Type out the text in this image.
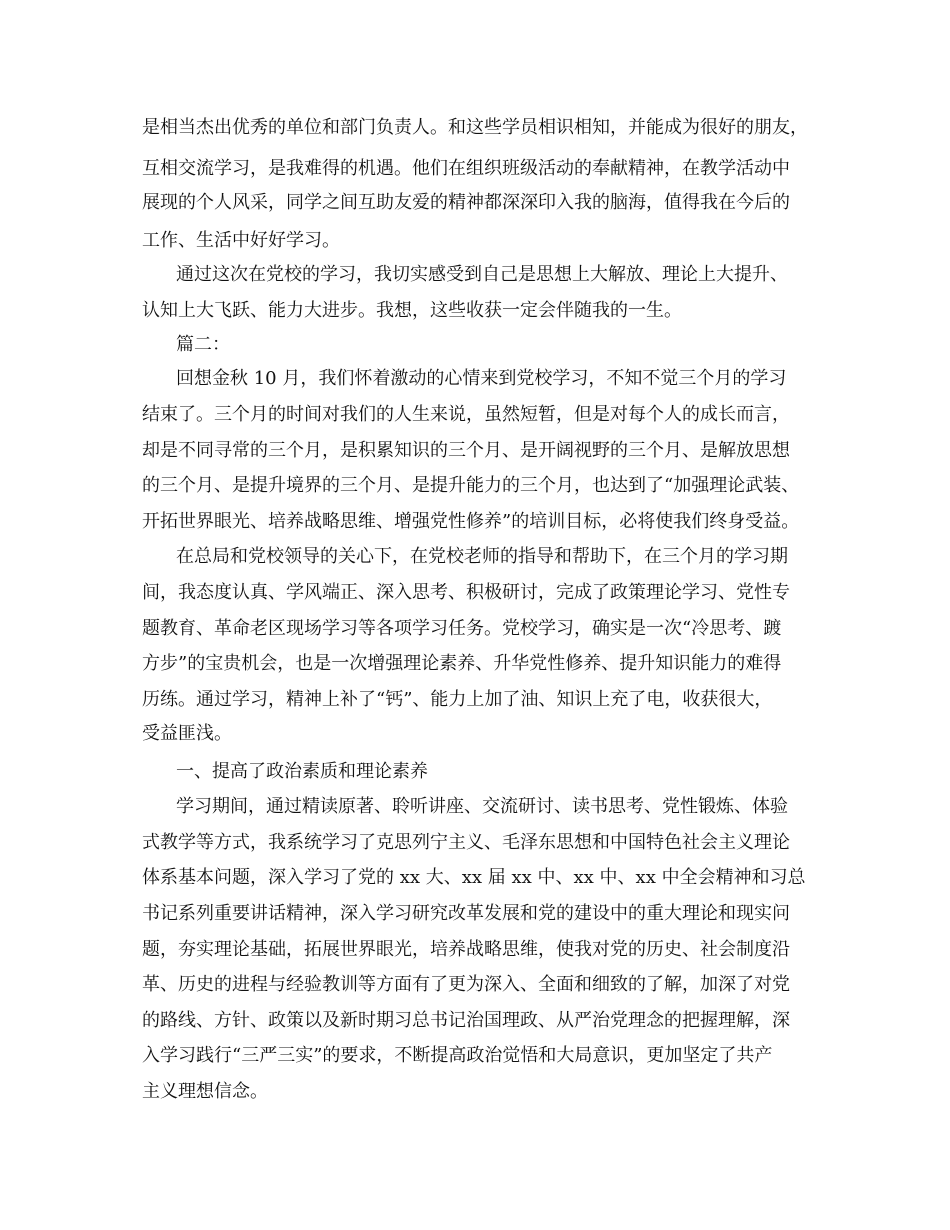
是相当杰出优秀的单位和部门负责人。和这些学员相识相知，并能成为很好的朋友，
互相交流学习，是我难得的机遇。他们在组织班级活动的奉献精神，在教学活动中
展现的个人风采，同学之间互助友爱的精神都深深印入我的脑海，值得我在今后的
工作、生活中好好学习。
通过这次在党校的学习，我切实感受到自己是思想上大解放、理论上大提升、
认知上大飞跃、能力大进步。我想，这些收获一定会伴随我的一生。
篇二：
回想金秋 10 月，我们怀着激动的心情来到党校学习，不知不觉三个月的学习
结束了。三个月的时间对我们的人生来说，虽然短暂，但是对每个人的成长而言，
却是不同寻常的三个月，是积累知识的三个月、是开阔视野的三个月、是解放思想
的三个月、是提升境界的三个月、是提升能力的三个月，也达到了“加强理论武装、
开拓世界眼光、培养战略思维、增强党性修养”的培训目标，必将使我们终身受益。
在总局和党校领导的关心下，在党校老师的指导和帮助下，在三个月的学习期
间，我态度认真、学风端正、深入思考、积极研讨，完成了政策理论学习、党性专
题教育、革命老区现场学习等各项学习任务。党校学习，确实是一次“冷思考、踱
方步”的宝贵机会，也是一次增强理论素养、升华党性修养、提升知识能力的难得
历练。通过学习，精神上补了“钙”、能力上加了油、知识上充了电，收获很大，
受益匪浅。
一、提高了政治素质和理论素养
学习期间，通过精读原著、聆听讲座、交流研讨、读书思考、党性锻炼、体验
式教学等方式，我系统学习了克思列宁主义、毛泽东思想和中国特色社会主义理论
体系基本问题，深入学习了党的 xx 大、xx 届 xx 中、xx 中、xx 中全会精神和习总
书记系列重要讲话精神，深入学习研究改革发展和党的建设中的重大理论和现实问
题，夯实理论基础，拓展世界眼光，培养战略思维，使我对党的历史、社会制度沿
革、历史的进程与经验教训等方面有了更为深入、全面和细致的了解，加深了对党
的路线、方针、政策以及新时期习总书记治国理政、从严治党理念的把握理解，深
入学习践行“三严三实”的要求，不断提高政治觉悟和大局意识，更加坚定了共产
主义理想信念。
